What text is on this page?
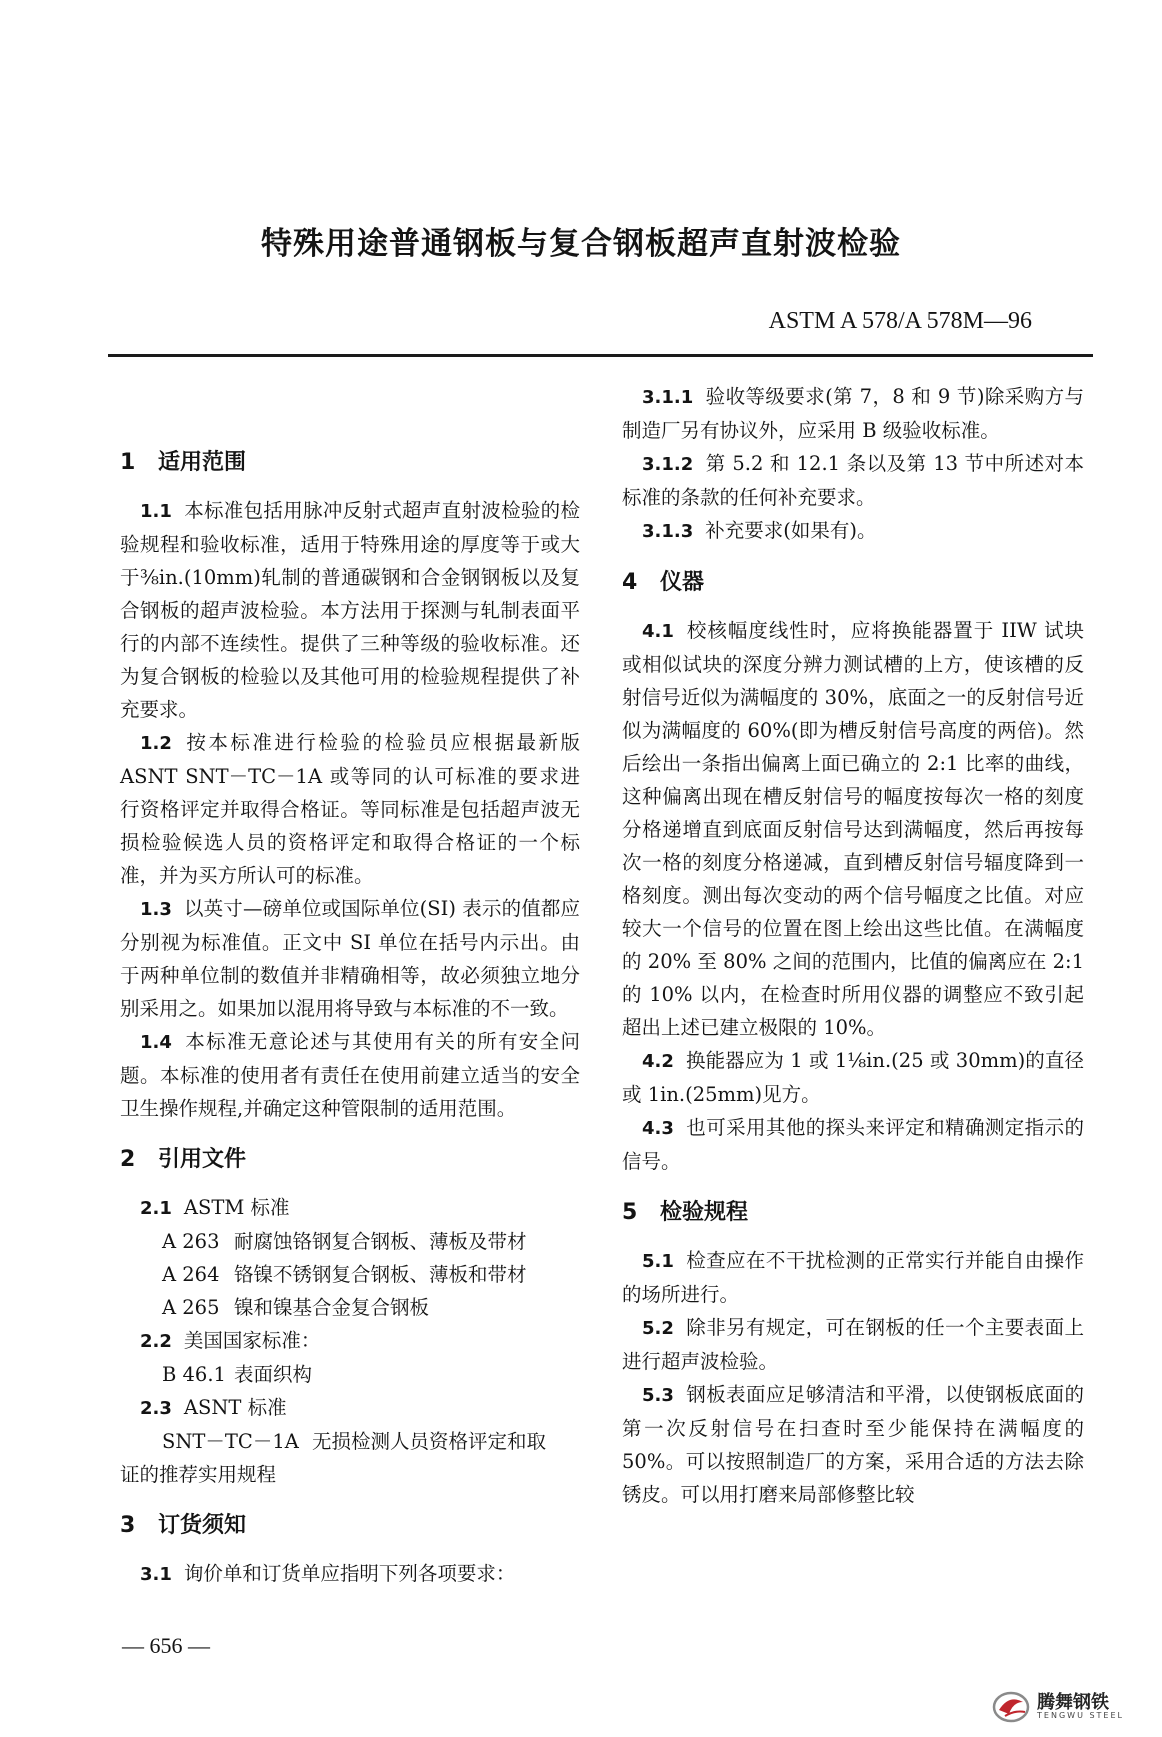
特殊用途普通钢板与复合钢板超声直射波检验
ASTM A 578/A 578M—96
1 适用范围

1.1 本标准包括用脉冲反射式超声直射波检验的检验规程和验收标准，适用于特殊用途的厚度等于或大于⅜in.(10mm)轧制的普通碳钢和合金钢钢板以及复合钢板的超声波检验。本方法用于探测与轧制表面平行的内部不连续性。提供了三种等级的验收标准。还为复合钢板的检验以及其他可用的检验规程提供了补充要求。

1.2 按本标准进行检验的检验员应根据最新版 ASNT SNT－TC－1A 或等同的认可标准的要求进行资格评定并取得合格证。等同标准是包括超声波无损检验候选人员的资格评定和取得合格证的一个标准，并为买方所认可的标准。

1.3 以英寸—磅单位或国际单位(SI) 表示的值都应分别视为标准值。正文中 SI 单位在括号内示出。由于两种单位制的数值并非精确相等，故必须独立地分别采用之。如果加以混用将导致与本标准的不一致。

1.4 本标准无意论述与其使用有关的所有安全问题。本标准的使用者有责任在使用前建立适当的安全卫生操作规程,并确定这种管限制的适用范围。

2 引用文件

2.1 ASTM 标准

A 263 耐腐蚀铬钢复合钢板、薄板及带材

A 264 铬镍不锈钢复合钢板、薄板和带材

A 265 镍和镍基合金复合钢板

2.2 美国国家标准：

B 46.1 表面织构

2.3 ASNT 标准

SNT－TC－1A 无损检测人员资格评定和取

证的推荐实用规程

3 订货须知

3.1 询价单和订货单应指明下列各项要求：

3.1.1 验收等级要求(第 7，8 和 9 节)除采购方与制造厂另有协议外，应采用 B 级验收标准。

3.1.2 第 5.2 和 12.1 条以及第 13 节中所述对本标准的条款的任何补充要求。

3.1.3 补充要求(如果有)。

4 仪器

4.1 校核幅度线性时，应将换能器置于 IIW 试块或相似试块的深度分辨力测试槽的上方，使该槽的反射信号近似为满幅度的 30%，底面之一的反射信号近似为满幅度的 60%(即为槽反射信号高度的两倍)。然后绘出一条指出偏离上面已确立的 2:1 比率的曲线，这种偏离出现在槽反射信号的幅度按每次一格的刻度分格递增直到底面反射信号达到满幅度，然后再按每次一格的刻度分格递减，直到槽反射信号辐度降到一格刻度。测出每次变动的两个信号幅度之比值。对应较大一个信号的位置在图上绘出这些比值。在满幅度的 20% 至 80% 之间的范围内，比值的偏离应在 2:1 的 10% 以内，在检查时所用仪器的调整应不致引起超出上述已建立极限的 10%。

4.2 换能器应为 1 或 1⅛in.(25 或 30mm)的直径或 1in.(25mm)见方。

4.3 也可采用其他的探头来评定和精确测定指示的信号。

5 检验规程

5.1 检查应在不干扰检测的正常实行并能自由操作的场所进行。

5.2 除非另有规定，可在钢板的任一个主要表面上进行超声波检验。

5.3 钢板表面应足够清洁和平滑，以使钢板底面的第一次反射信号在扫查时至少能保持在满幅度的 50%。可以按照制造厂的方案，采用合适的方法去除锈皮。可以用打磨来局部修整比较

— 656 —
腾舞钢铁
TENGWU STEEL
